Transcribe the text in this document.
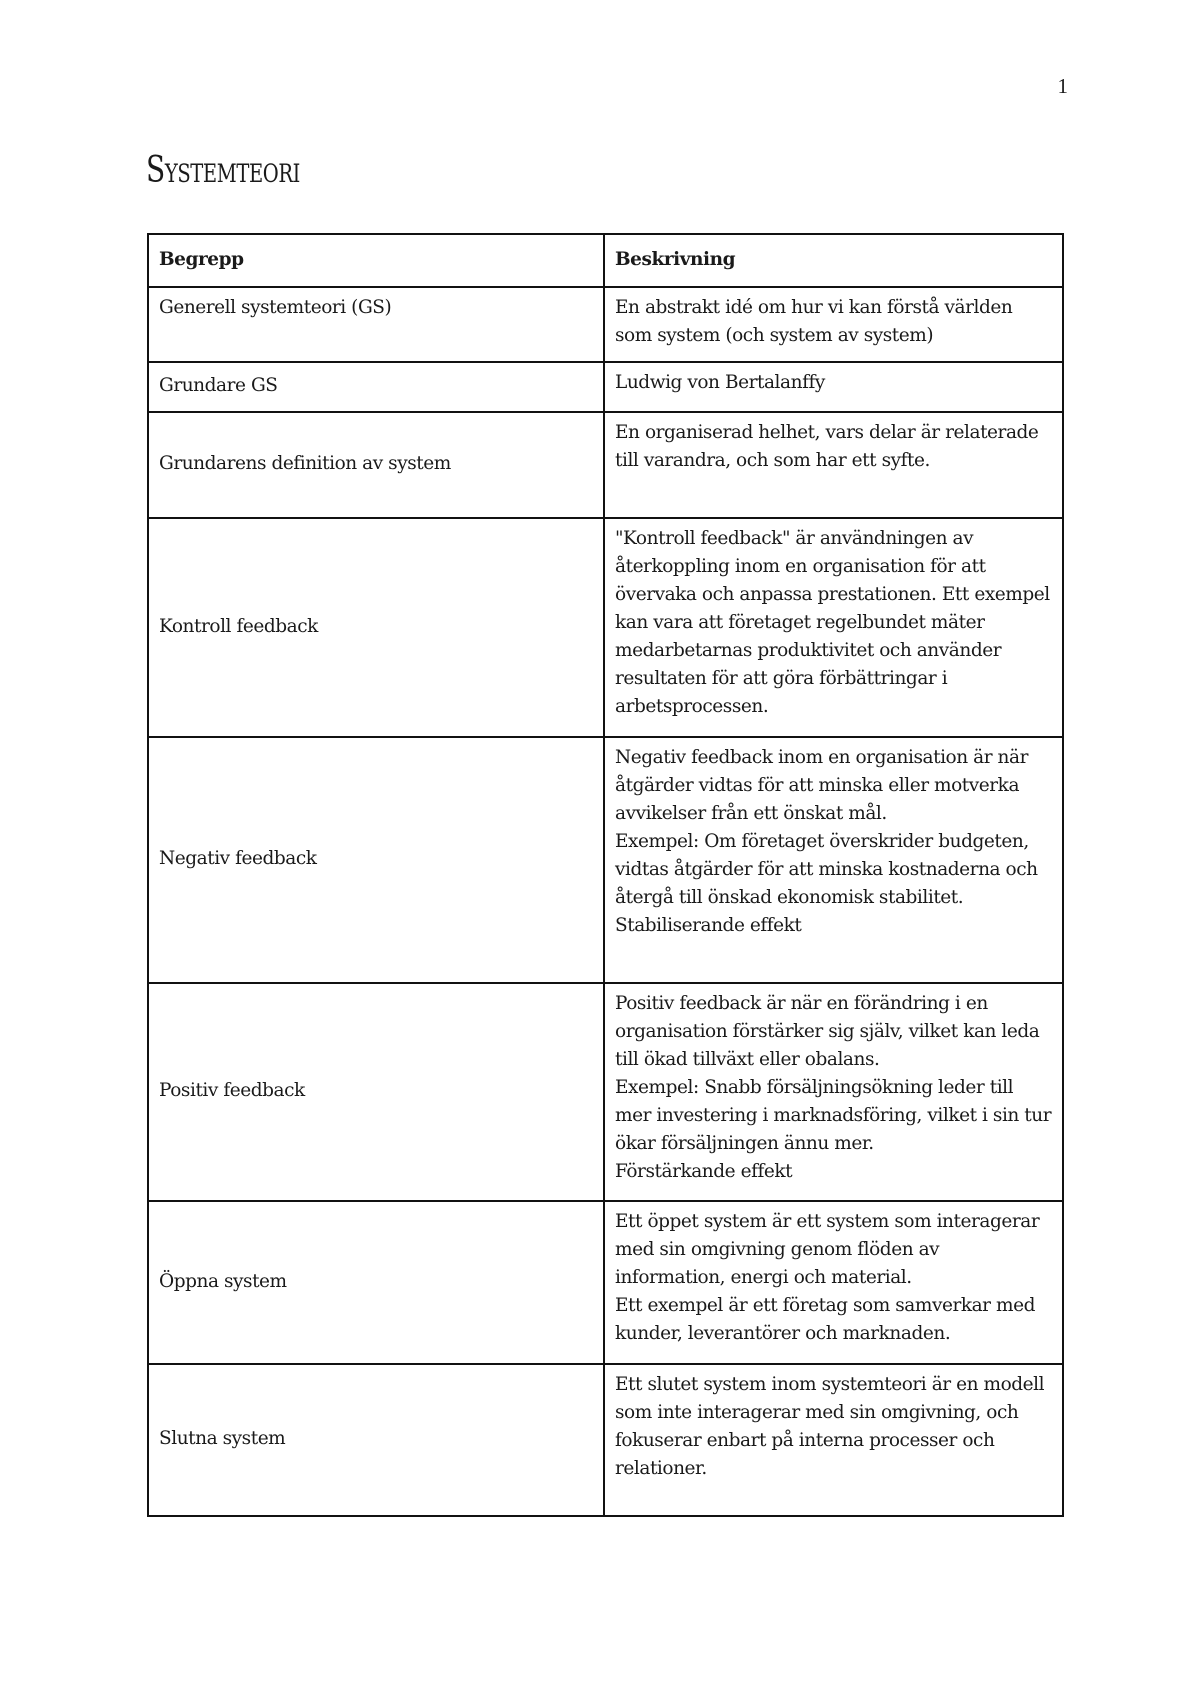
1
Systemteori
Begrepp	Beskrivning
Generell systemteori (GS)	En abstrakt idé om hur vi kan förstå världen som system (och system av system)
Grundare GS	Ludwig von Bertalanffy
Grundarens definition av system	En organiserad helhet, vars delar är relaterade till varandra, och som har ett syfte.
Kontroll feedback	"Kontroll feedback" är användningen av återkoppling inom en organisation för att övervaka och anpassa prestationen. Ett exempel kan vara att företaget regelbundet mäter medarbetarnas produktivitet och använder resultaten för att göra förbättringar i arbetsprocessen.
Negativ feedback	Negativ feedback inom en organisation är när åtgärder vidtas för att minska eller motverka avvikelser från ett önskat mål.
Exempel: Om företaget överskrider budgeten, vidtas åtgärder för att minska kostnaderna och återgå till önskad ekonomisk stabilitet.
Stabiliserande effekt
Positiv feedback	Positiv feedback är när en förändring i en organisation förstärker sig själv, vilket kan leda till ökad tillväxt eller obalans.
Exempel: Snabb försäljningsökning leder till mer investering i marknadsföring, vilket i sin tur ökar försäljningen ännu mer.
Förstärkande effekt
Öppna system	Ett öppet system är ett system som interagerar med sin omgivning genom flöden av information, energi och material.
Ett exempel är ett företag som samverkar med kunder, leverantörer och marknaden.
Slutna system	Ett slutet system inom systemteori är en modell som inte interagerar med sin omgivning, och fokuserar enbart på interna processer och relationer.
